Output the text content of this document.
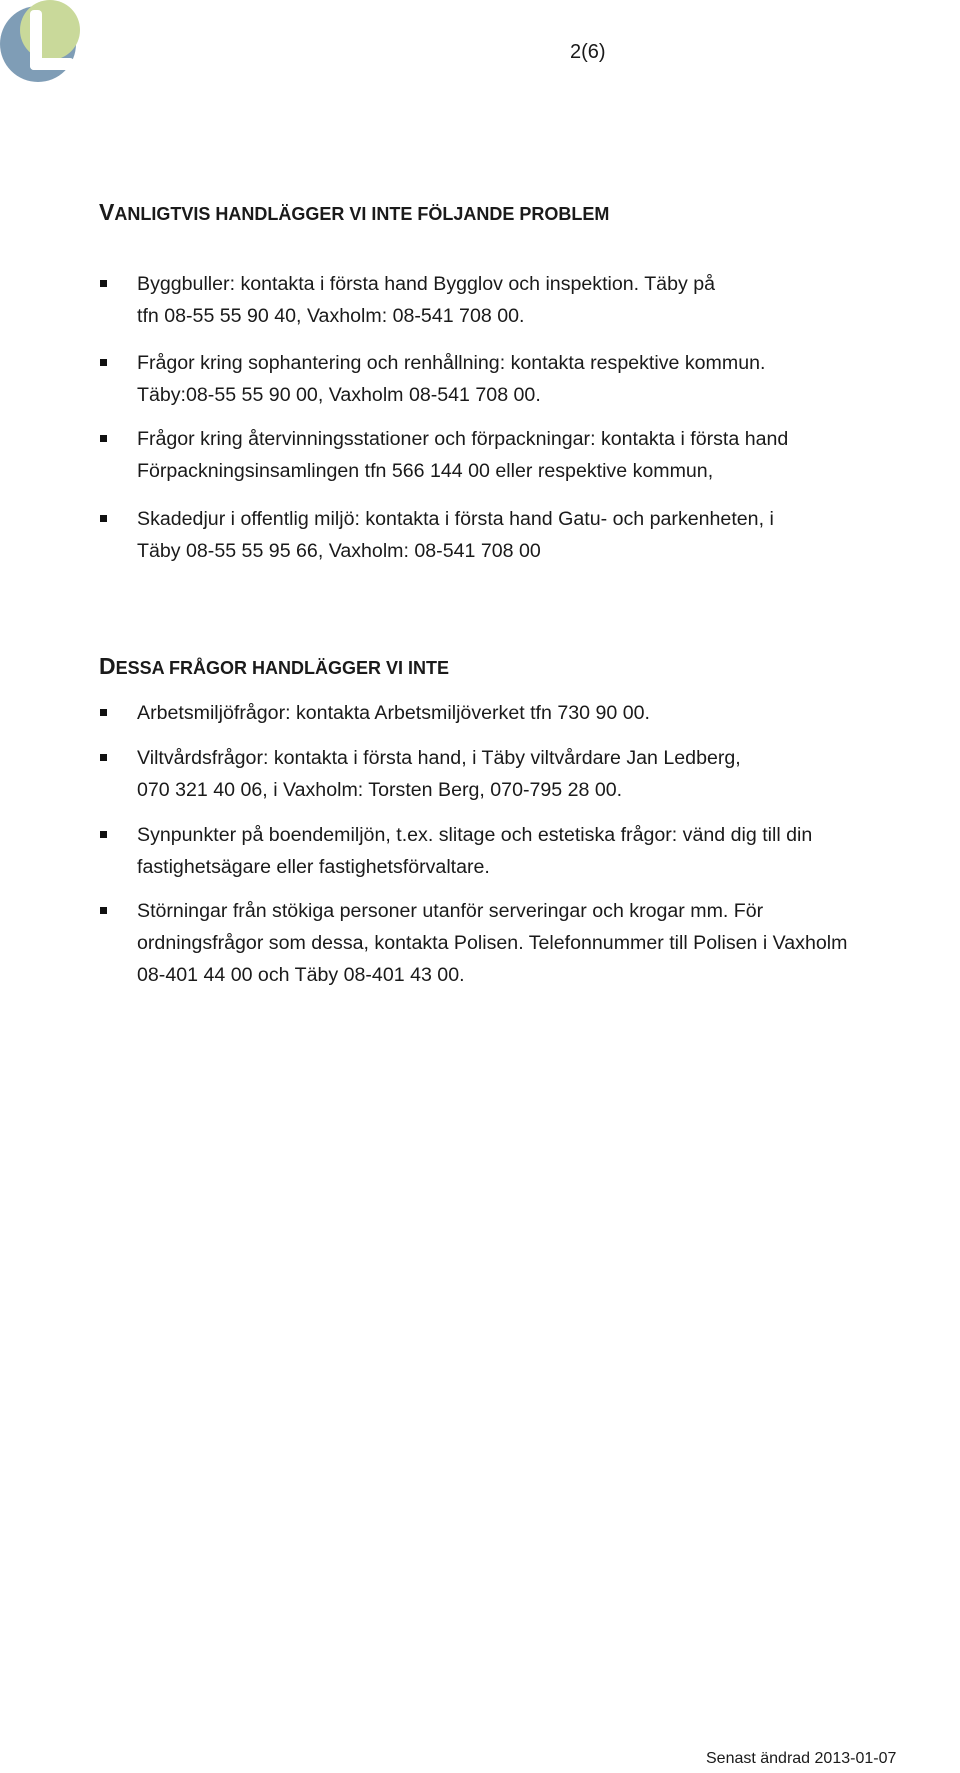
2(6)
VANLIGTVIS HANDLÄGGER VI INTE FÖLJANDE PROBLEM
Byggbuller: kontakta i första hand Bygglov och inspektion. Täby på
tfn 08-55 55 90 40, Vaxholm: 08-541 708 00.
Frågor kring sophantering och renhållning: kontakta respektive kommun.
Täby:08-55 55 90 00, Vaxholm 08-541 708 00.
Frågor kring återvinningsstationer och förpackningar: kontakta i första hand
Förpackningsinsamlingen tfn 566 144 00 eller respektive kommun,
Skadedjur i offentlig miljö: kontakta i första hand Gatu- och parkenheten, i
Täby 08-55 55 95 66, Vaxholm: 08-541 708 00
DESSA FRÅGOR HANDLÄGGER VI INTE
Arbetsmiljöfrågor: kontakta Arbetsmiljöverket tfn 730 90 00.
Viltvårdsfrågor: kontakta i första hand, i Täby viltvårdare Jan Ledberg,
070 321 40 06, i Vaxholm: Torsten Berg, 070-795 28 00.
Synpunkter på boendemiljön, t.ex. slitage och estetiska frågor: vänd dig till din
fastighetsägare eller fastighetsförvaltare.
Störningar från stökiga personer utanför serveringar och krogar mm. För
ordningsfrågor som dessa, kontakta Polisen. Telefonnummer till Polisen i Vaxholm
08-401 44 00 och Täby 08-401 43 00.
Senast ändrad 2013-01-07
